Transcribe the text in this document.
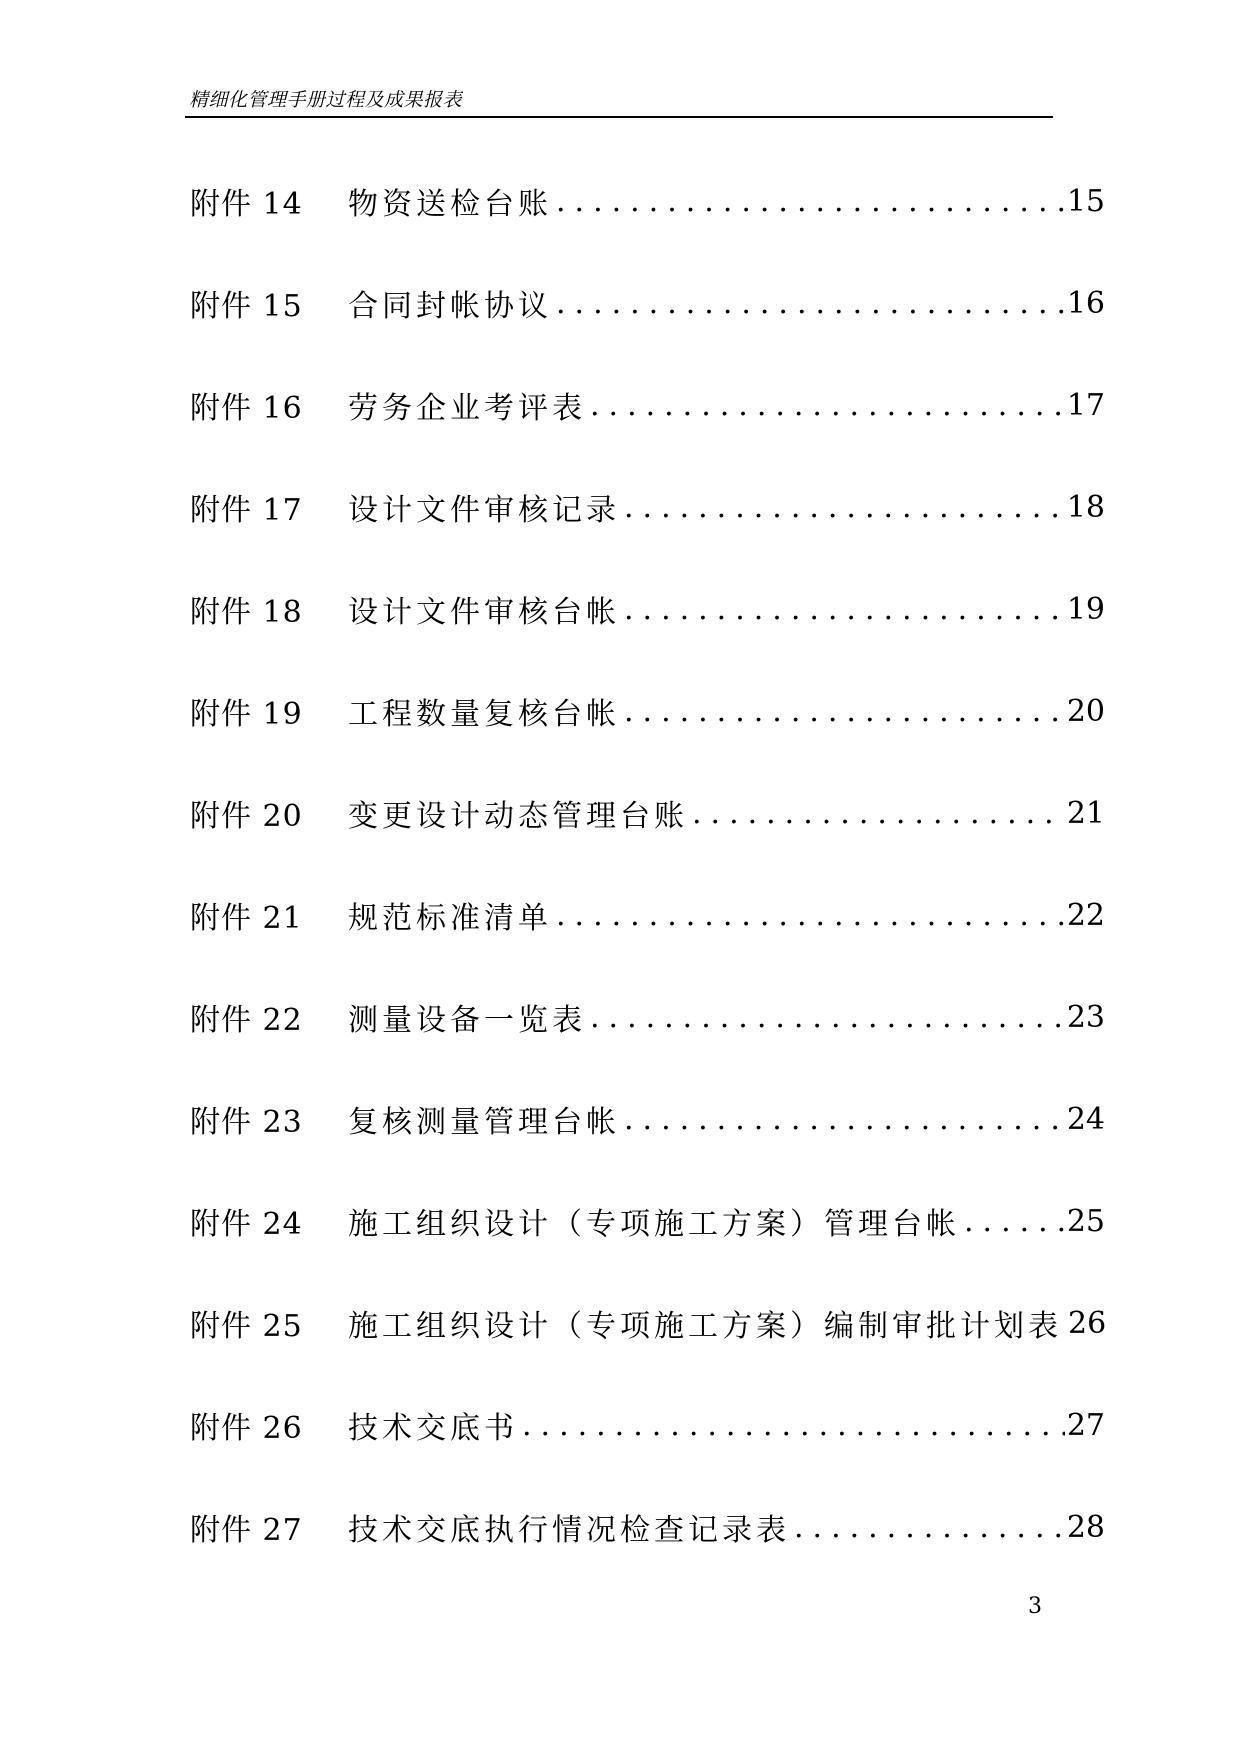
精细化管理手册过程及成果报表
附件 14	物资送检台账 .....	15
附件 15	合同封帐协议 .....	16
附件 16	劳务企业考评表 .....	17
附件 17	设计文件审核记录 .....	18
附件 18	设计文件审核台帐 .....	19
附件 19	工程数量复核台帐 .....	20
附件 20	变更设计动态管理台账 .....	21
附件 21	规范标准清单 .....	22
附件 22	测量设备一览表 .....	23
附件 23	复核测量管理台帐 .....	24
附件 24	施工组织设计（专项施工方案）管理台帐 .....	25
附件 25	施工组织设计（专项施工方案）编制审批计划表 26
附件 26	技术交底书 .....	27
附件 27	技术交底执行情况检查记录表 .....	28
3
